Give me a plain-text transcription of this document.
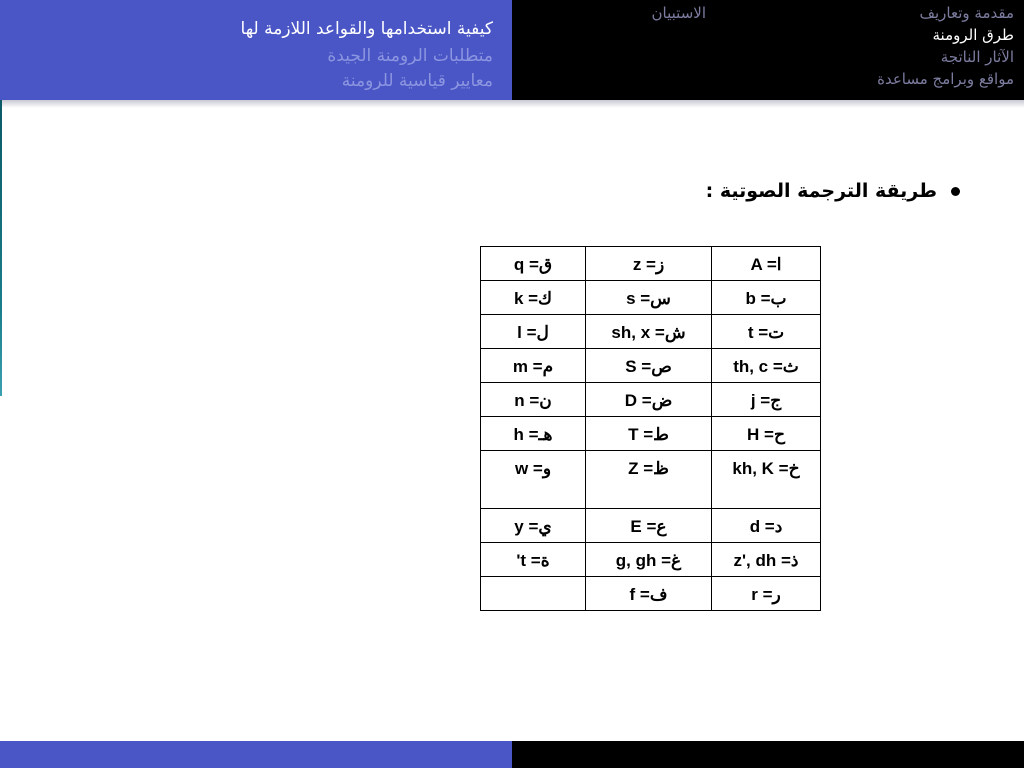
مقدمة وتعاريف
طرق الرومنة
الآثار الناتجة
مواقع وبرامج مساعدة
الاستبيان
كيفية استخدامها والقواعد اللازمة لها
متطلبات الرومنة الجيدة
معايير قياسية للرومنة
طريقة الترجمة الصوتية :
q =ق	z =ز	A =ا
k =ك	s =س	b =ب
l =ل	sh, x =ش	t =ت
m =م	S =ص	th, c =ث
n =ن	D =ض	j =ج
h =هـ	T =ط	H =ح
w =و	Z =ظ	kh, K =خ
y =ي	E =ع	d =د
't =ة	g, gh =غ	z', dh =ذ
	f =ف	r =ر
